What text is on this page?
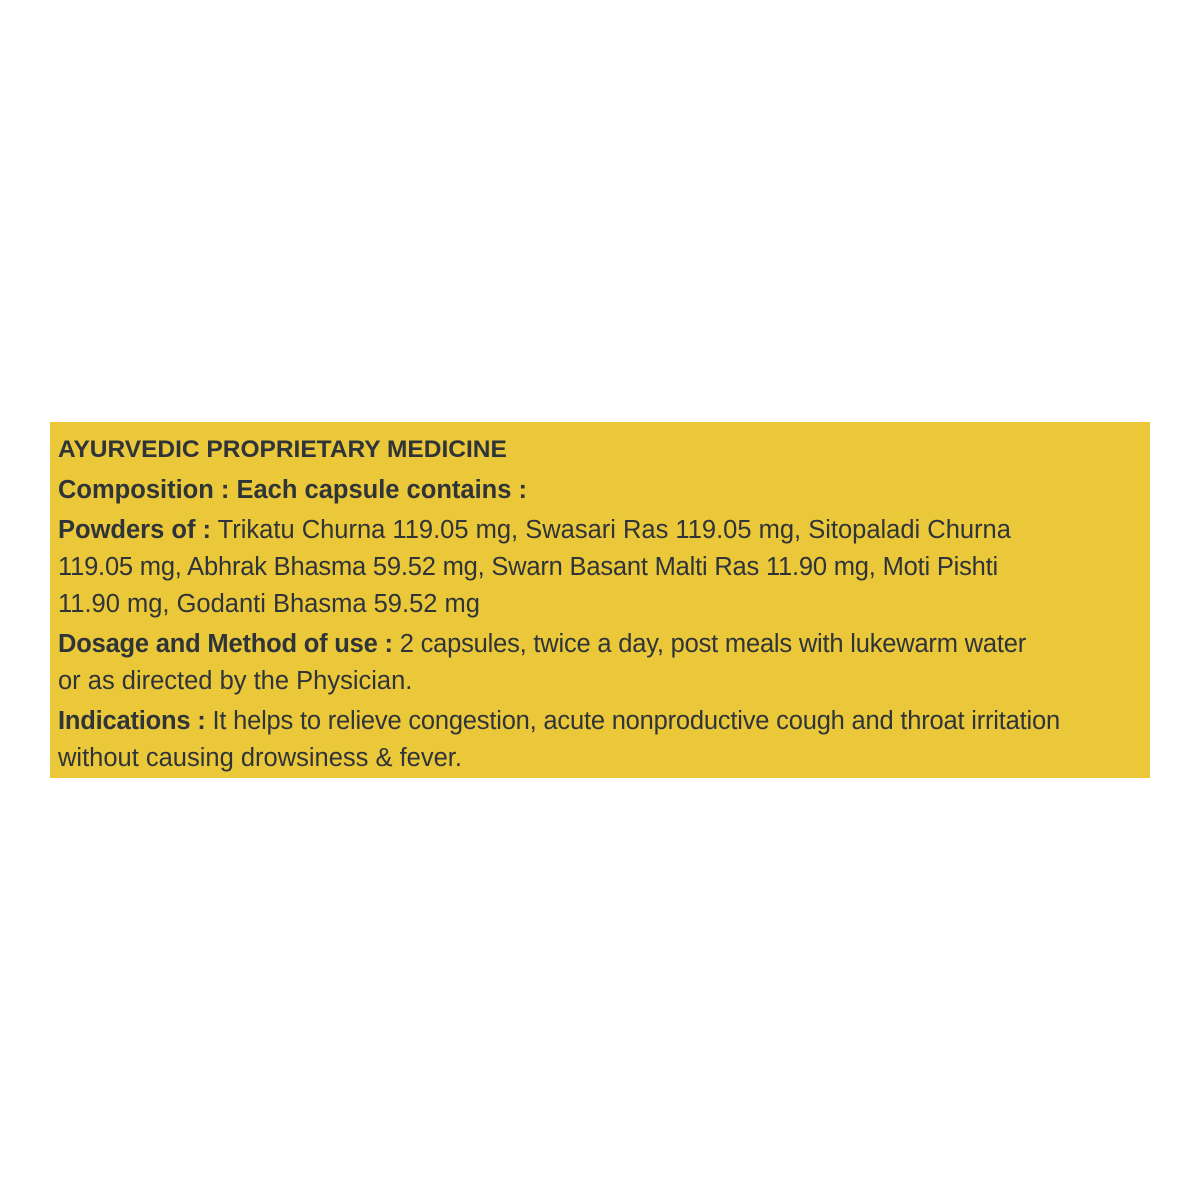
AYURVEDIC PROPRIETARY MEDICINE

Composition : Each capsule contains :

Powders of : Trikatu Churna 119.05 mg, Swasari Ras 119.05 mg, Sitopaladi Churna
119.05 mg, Abhrak Bhasma 59.52 mg, Swarn Basant Malti Ras 11.90 mg, Moti Pishti
11.90 mg, Godanti Bhasma 59.52 mg
Dosage and Method of use : 2 capsules, twice a day, post meals with lukewarm water
or as directed by the Physician.
Indications : It helps to relieve congestion, acute nonproductive cough and throat irritation
without causing drowsiness & fever.
